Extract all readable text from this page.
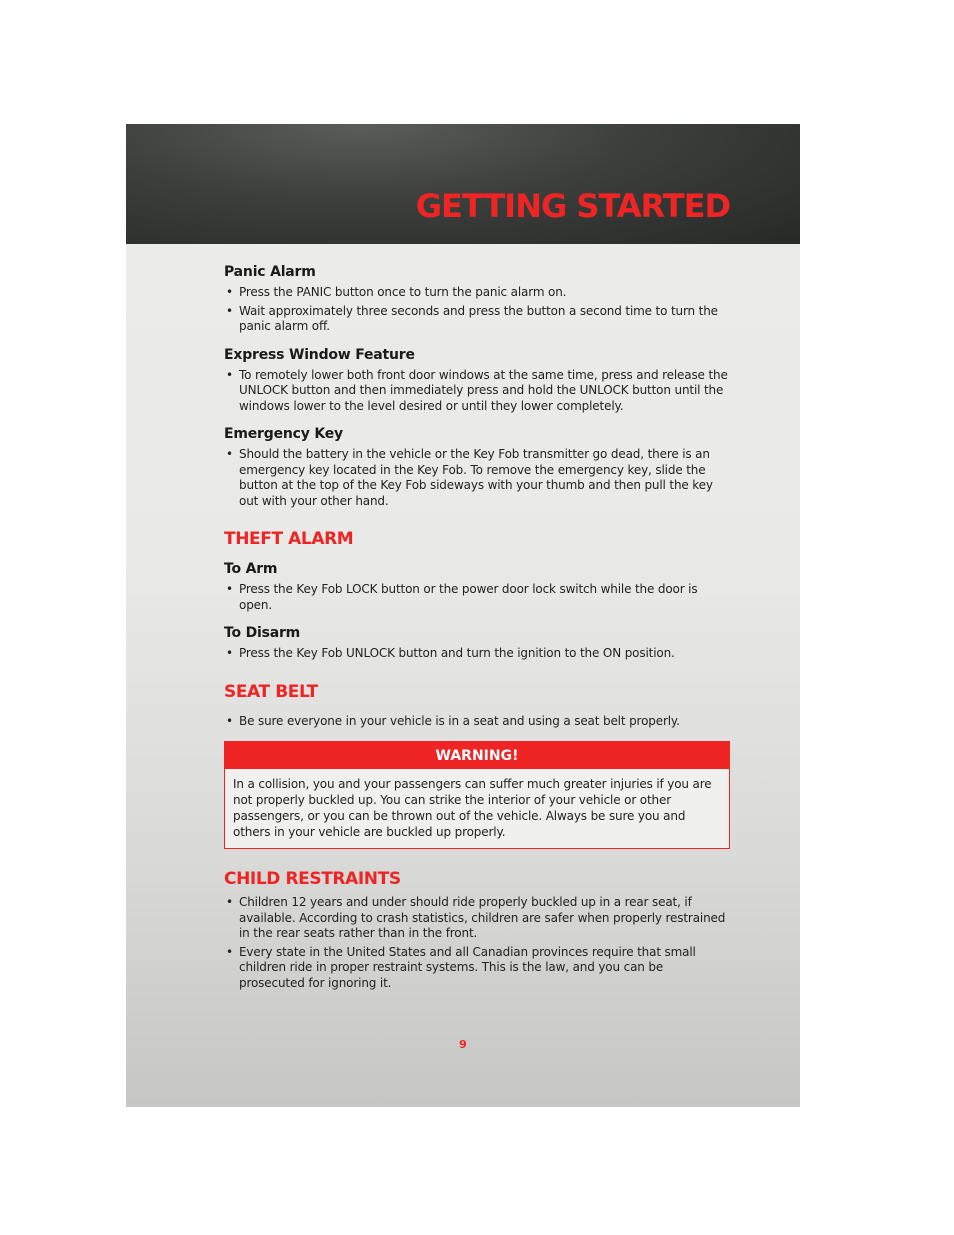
GETTING STARTED
Panic Alarm
• Press the PANIC button once to turn the panic alarm on.
• Wait approximately three seconds and press the button a second time to turn the panic alarm off.
Express Window Feature
• To remotely lower both front door windows at the same time, press and release the UNLOCK button and then immediately press and hold the UNLOCK button until the windows lower to the level desired or until they lower completely.
Emergency Key
• Should the battery in the vehicle or the Key Fob transmitter go dead, there is an emergency key located in the Key Fob. To remove the emergency key, slide the button at the top of the Key Fob sideways with your thumb and then pull the key out with your other hand.
THEFT ALARM
To Arm
• Press the Key Fob LOCK button or the power door lock switch while the door is open.
To Disarm
• Press the Key Fob UNLOCK button and turn the ignition to the ON position.
SEAT BELT
• Be sure everyone in your vehicle is in a seat and using a seat belt properly.
WARNING!
In a collision, you and your passengers can suffer much greater injuries if you are not properly buckled up. You can strike the interior of your vehicle or other passengers, or you can be thrown out of the vehicle. Always be sure you and others in your vehicle are buckled up properly.
CHILD RESTRAINTS
• Children 12 years and under should ride properly buckled up in a rear seat, if available. According to crash statistics, children are safer when properly restrained in the rear seats rather than in the front.
• Every state in the United States and all Canadian provinces require that small children ride in proper restraint systems. This is the law, and you can be prosecuted for ignoring it.
9
